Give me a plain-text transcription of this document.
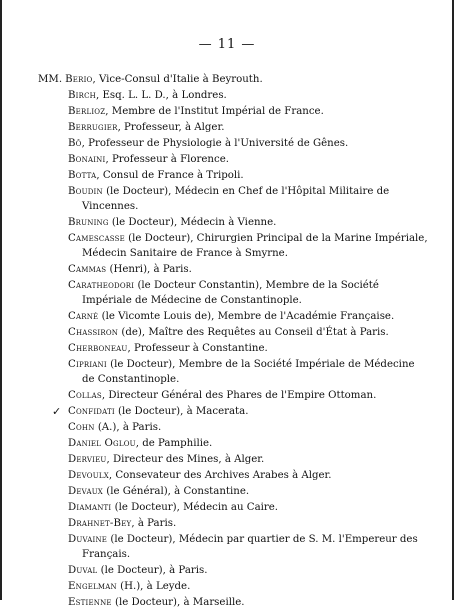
— 11 —
MM. Berio, Vice-Consul d'Italie à Beyrouth.
Birch, Esq. L. L. D., à Londres.
Berlioz, Membre de l'Institut Impérial de France.
Berrugier, Professeur, à Alger.
Bô, Professeur de Physiologie à l'Université de Gênes.
Bonaini, Professeur à Florence.
Botta, Consul de France à Tripoli.
Boudin (le Docteur), Médecin en Chef de l'Hôpital Militaire de Vincennes.
Bruning (le Docteur), Médecin à Vienne.
Camescasse (le Docteur), Chirurgien Principal de la Marine Impériale, Médecin Sanitaire de France à Smyrne.
Cammas (Henri), à Paris.
Caratheodori (le Docteur Constantin), Membre de la Société Impériale de Médecine de Constantinople.
Carné (le Vicomte Louis de), Membre de l'Académie Française.
Chassiron (de), Maître des Requêtes au Conseil d'État à Paris.
Cherboneau, Professeur à Constantine.
Cipriani (le Docteur), Membre de la Société Impériale de Médecine de Constantinople.
Collas, Directeur Général des Phares de l'Empire Ottoman.
✓ Confidati (le Docteur), à Macerata.
Cohn (A.), à Paris.
Daniel Oglou, de Pamphilie.
Dervieu, Directeur des Mines, à Alger.
Devoulx, Consevateur des Archives Arabes à Alger.
Devaux (le Général), à Constantine.
Diamanti (le Docteur), Médecin au Caire.
Drahnet-Bey, à Paris.
Duvaine (le Docteur), Médecin par quartier de S. M. l'Empereur des Français.
Duval (le Docteur), à Paris.
Engelman (H.), à Leyde.
Estienne (le Docteur), à Marseille.
